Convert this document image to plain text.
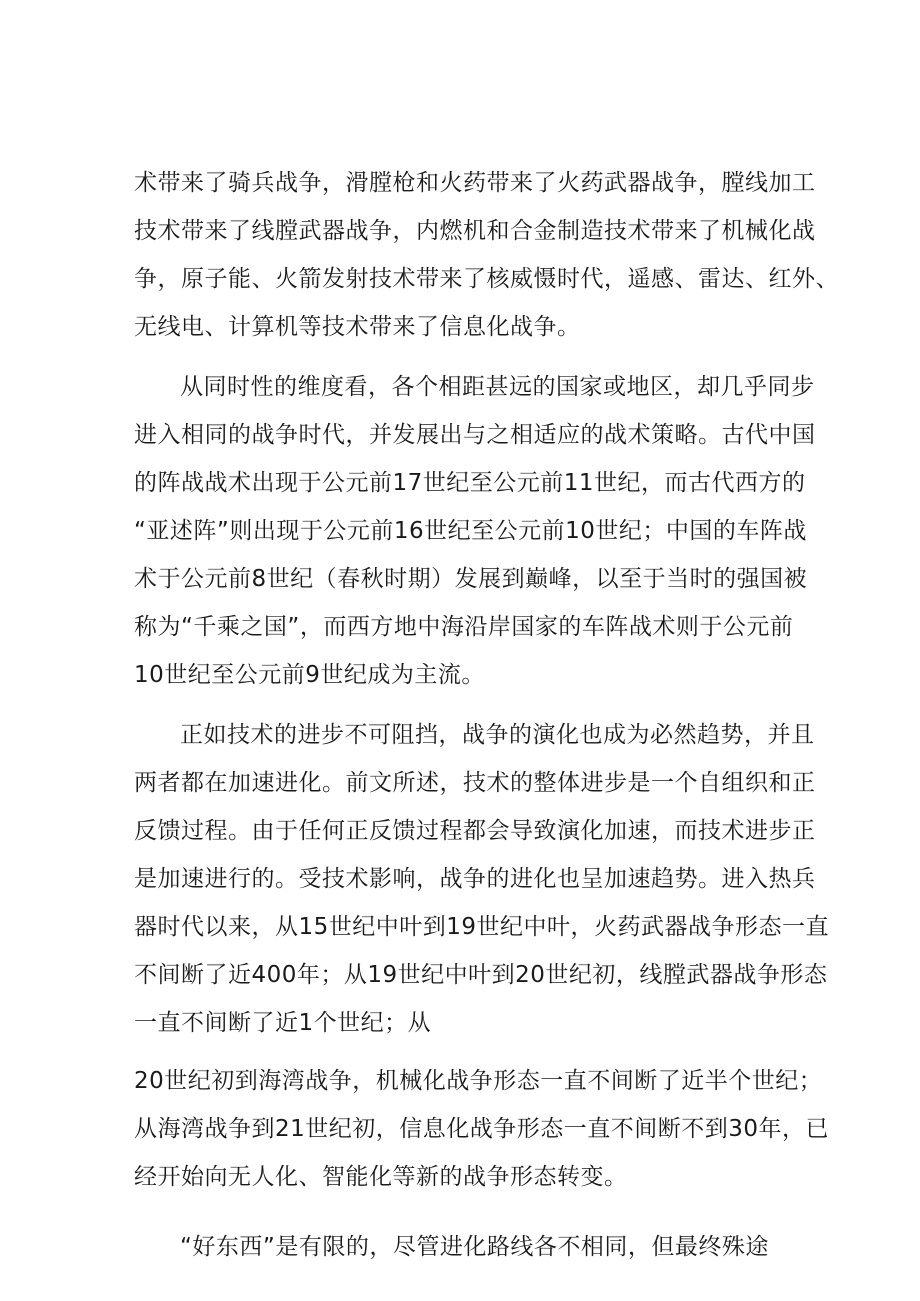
术带来了骑兵战争，滑膛枪和火药带来了火药武器战争，膛线加工
技术带来了线膛武器战争，内燃机和合金制造技术带来了机械化战
争，原子能、火箭发射技术带来了核威慑时代，遥感、雷达、红外、
无线电、计算机等技术带来了信息化战争。
从同时性的维度看，各个相距甚远的国家或地区，却几乎同步
进入相同的战争时代，并发展出与之相适应的战术策略。古代中国
的阵战战术出现于公元前17世纪至公元前11世纪，而古代西方的
“亚述阵”则出现于公元前16世纪至公元前10世纪；中国的车阵战
术于公元前8世纪（春秋时期）发展到巅峰，以至于当时的强国被
称为“千乘之国”，而西方地中海沿岸国家的车阵战术则于公元前
10世纪至公元前9世纪成为主流。
正如技术的进步不可阻挡，战争的演化也成为必然趋势，并且
两者都在加速进化。前文所述，技术的整体进步是一个自组织和正
反馈过程。由于任何正反馈过程都会导致演化加速，而技术进步正
是加速进行的。受技术影响，战争的进化也呈加速趋势。进入热兵
器时代以来，从15世纪中叶到19世纪中叶，火药武器战争形态一直
不间断了近400年；从19世纪中叶到20世纪初，线膛武器战争形态
一直不间断了近1个世纪；从
20世纪初到海湾战争，机械化战争形态一直不间断了近半个世纪；
从海湾战争到21世纪初，信息化战争形态一直不间断不到30年，已
经开始向无人化、智能化等新的战争形态转变。
“好东西”是有限的，尽管进化路线各不相同，但最终殊途
